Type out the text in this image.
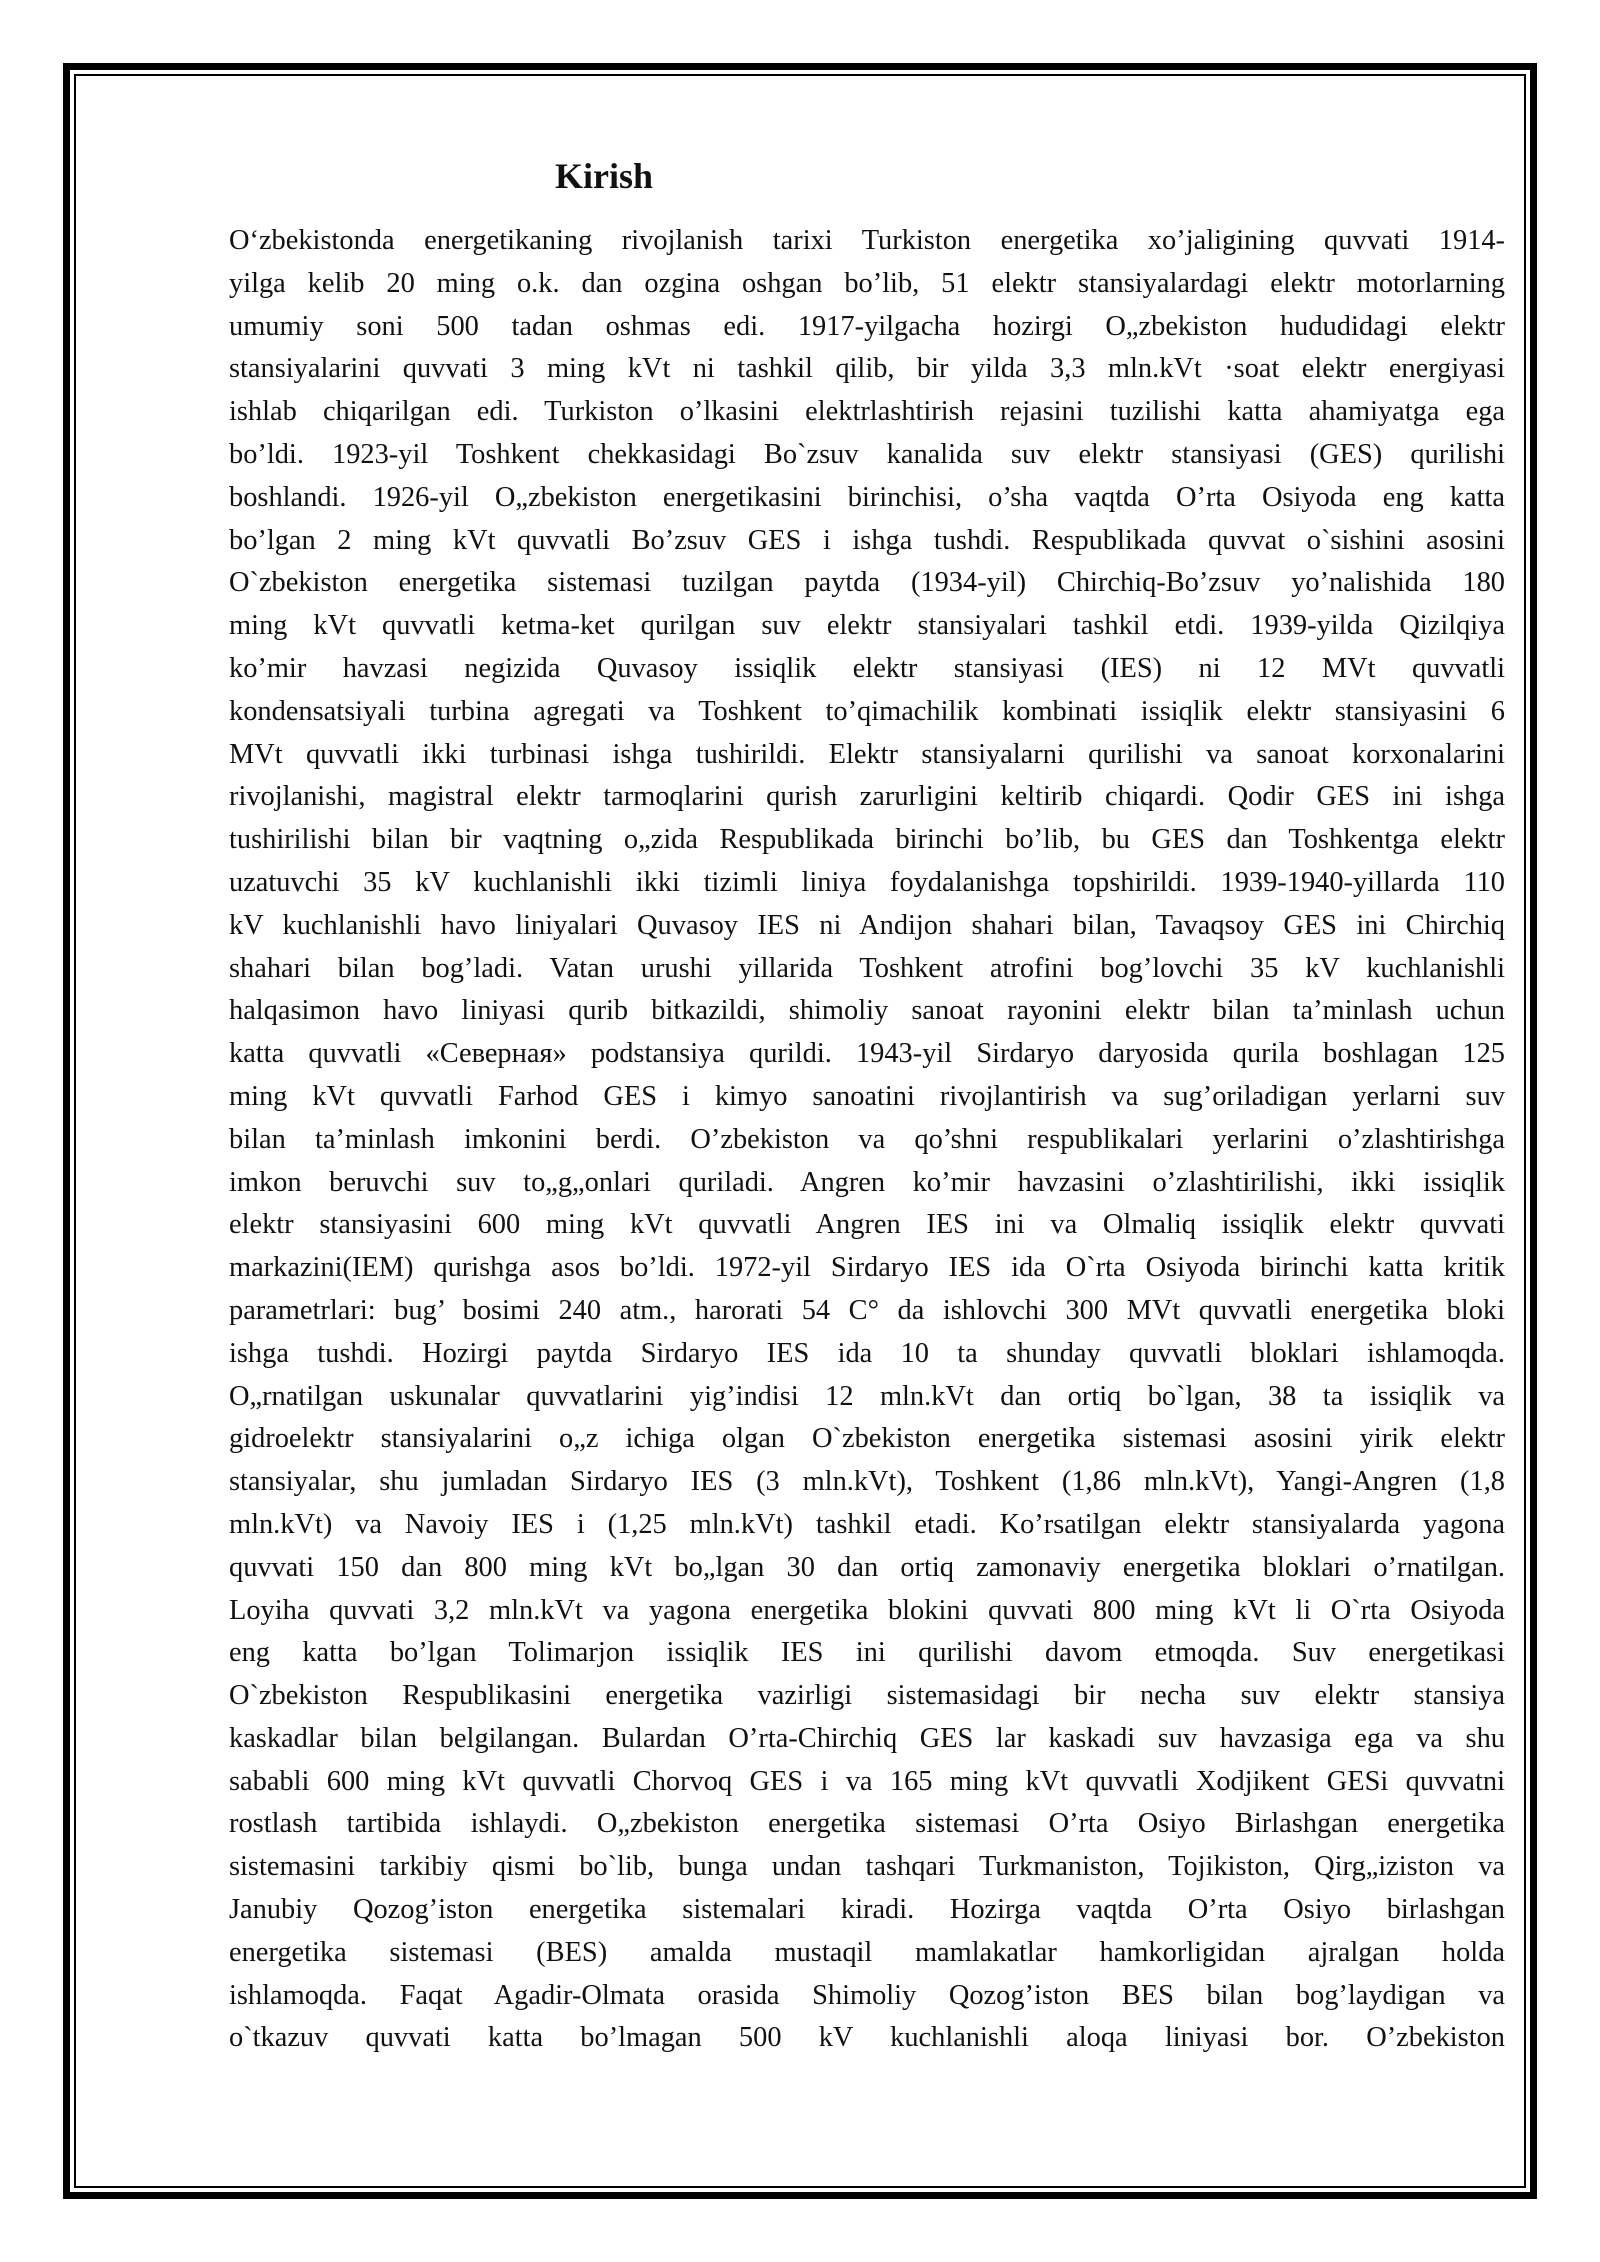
Kirish
O‘zbekistonda energetikaning rivojlanish tarixi Turkiston energetika xo’jaligining quvvati 1914-
yilga kelib 20 ming o.k. dan ozgina oshgan bo’lib, 51 elektr stansiyalardagi elektr motorlarning
umumiy soni 500 tadan oshmas edi. 1917-yilgacha hozirgi O„zbekiston hududidagi elektr
stansiyalarini quvvati 3 ming kVt ni tashkil qilib, bir yilda 3,3 mln.kVt ·soat elektr energiyasi
ishlab chiqarilgan edi. Turkiston o’lkasini elektrlashtirish rejasini tuzilishi katta ahamiyatga ega
bo’ldi. 1923-yil Toshkent chekkasidagi Bo`zsuv kanalida suv elektr stansiyasi (GES) qurilishi
boshlandi. 1926-yil O„zbekiston energetikasini birinchisi, o’sha vaqtda O’rta Osiyoda eng katta
bo’lgan 2 ming kVt quvvatli Bo’zsuv GES i ishga tushdi. Respublikada quvvat o`sishini asosini
O`zbekiston energetika sistemasi tuzilgan paytda (1934-yil) Chirchiq-Bo’zsuv yo’nalishida 180
ming kVt quvvatli ketma-ket qurilgan suv elektr stansiyalari tashkil etdi. 1939-yilda Qizilqiya
ko’mir havzasi negizida Quvasoy issiqlik elektr stansiyasi (IES) ni 12 MVt quvvatli
kondensatsiyali turbina agregati va Toshkent to’qimachilik kombinati issiqlik elektr stansiyasini 6
MVt quvvatli ikki turbinasi ishga tushirildi. Elektr stansiyalarni qurilishi va sanoat korxonalarini
rivojlanishi, magistral elektr tarmoqlarini qurish zarurligini keltirib chiqardi. Qodir GES ini ishga
tushirilishi bilan bir vaqtning o„zida Respublikada birinchi bo’lib, bu GES dan Toshkentga elektr
uzatuvchi 35 kV kuchlanishli ikki tizimli liniya foydalanishga topshirildi. 1939-1940-yillarda 110
kV kuchlanishli havo liniyalari Quvasoy IES ni Andijon shahari bilan, Tavaqsoy GES ini Chirchiq
shahari bilan bog’ladi. Vatan urushi yillarida Toshkent atrofini bog’lovchi 35 kV kuchlanishli
halqasimon havo liniyasi qurib bitkazildi, shimoliy sanoat rayonini elektr bilan ta’minlash uchun
katta quvvatli «Северная» podstansiya qurildi. 1943-yil Sirdaryo daryosida qurila boshlagan 125
ming kVt quvvatli Farhod GES i kimyo sanoatini rivojlantirish va sug’oriladigan yerlarni suv
bilan ta’minlash imkonini berdi. O’zbekiston va qo’shni respublikalari yerlarini o’zlashtirishga
imkon beruvchi suv to„g„onlari quriladi. Angren ko’mir havzasini o’zlashtirilishi, ikki issiqlik
elektr stansiyasini 600 ming kVt quvvatli Angren IES ini va Olmaliq issiqlik elektr quvvati
markazini(IEM) qurishga asos bo’ldi. 1972-yil Sirdaryo IES ida O`rta Osiyoda birinchi katta kritik
parametrlari: bug’ bosimi 240 atm., harorati 54 C° da ishlovchi 300 MVt quvvatli energetika bloki
ishga tushdi. Hozirgi paytda Sirdaryo IES ida 10 ta shunday quvvatli bloklari ishlamoqda.
O„rnatilgan uskunalar quvvatlarini yig’indisi 12 mln.kVt dan ortiq bo`lgan, 38 ta issiqlik va
gidroelektr stansiyalarini o„z ichiga olgan O`zbekiston energetika sistemasi asosini yirik elektr
stansiyalar, shu jumladan Sirdaryo IES (3 mln.kVt), Toshkent (1,86 mln.kVt), Yangi-Angren (1,8
mln.kVt) va Navoiy IES i (1,25 mln.kVt) tashkil etadi. Ko’rsatilgan elektr stansiyalarda yagona
quvvati 150 dan 800 ming kVt bo„lgan 30 dan ortiq zamonaviy energetika bloklari o’rnatilgan.
Loyiha quvvati 3,2 mln.kVt va yagona energetika blokini quvvati 800 ming kVt li O`rta Osiyoda
eng katta bo’lgan Tolimarjon issiqlik IES ini qurilishi davom etmoqda. Suv energetikasi
O`zbekiston Respublikasini energetika vazirligi sistemasidagi bir necha suv elektr stansiya
kaskadlar bilan belgilangan. Bulardan O’rta-Chirchiq GES lar kaskadi suv havzasiga ega va shu
sababli 600 ming kVt quvvatli Chorvoq GES i va 165 ming kVt quvvatli Xodjikent GESi quvvatni
rostlash tartibida ishlaydi. O„zbekiston energetika sistemasi O’rta Osiyo Birlashgan energetika
sistemasini tarkibiy qismi bo`lib, bunga undan tashqari Turkmaniston, Tojikiston, Qirg„iziston va
Janubiy Qozog’iston energetika sistemalari kiradi. Hozirga vaqtda O’rta Osiyo birlashgan
energetika sistemasi (BES) amalda mustaqil mamlakatlar hamkorligidan ajralgan holda
ishlamoqda. Faqat Agadir-Olmata orasida Shimoliy Qozog’iston BES bilan bog’laydigan va
o`tkazuv quvvati katta bo’lmagan 500 kV kuchlanishli aloqa liniyasi bor. O’zbekiston
